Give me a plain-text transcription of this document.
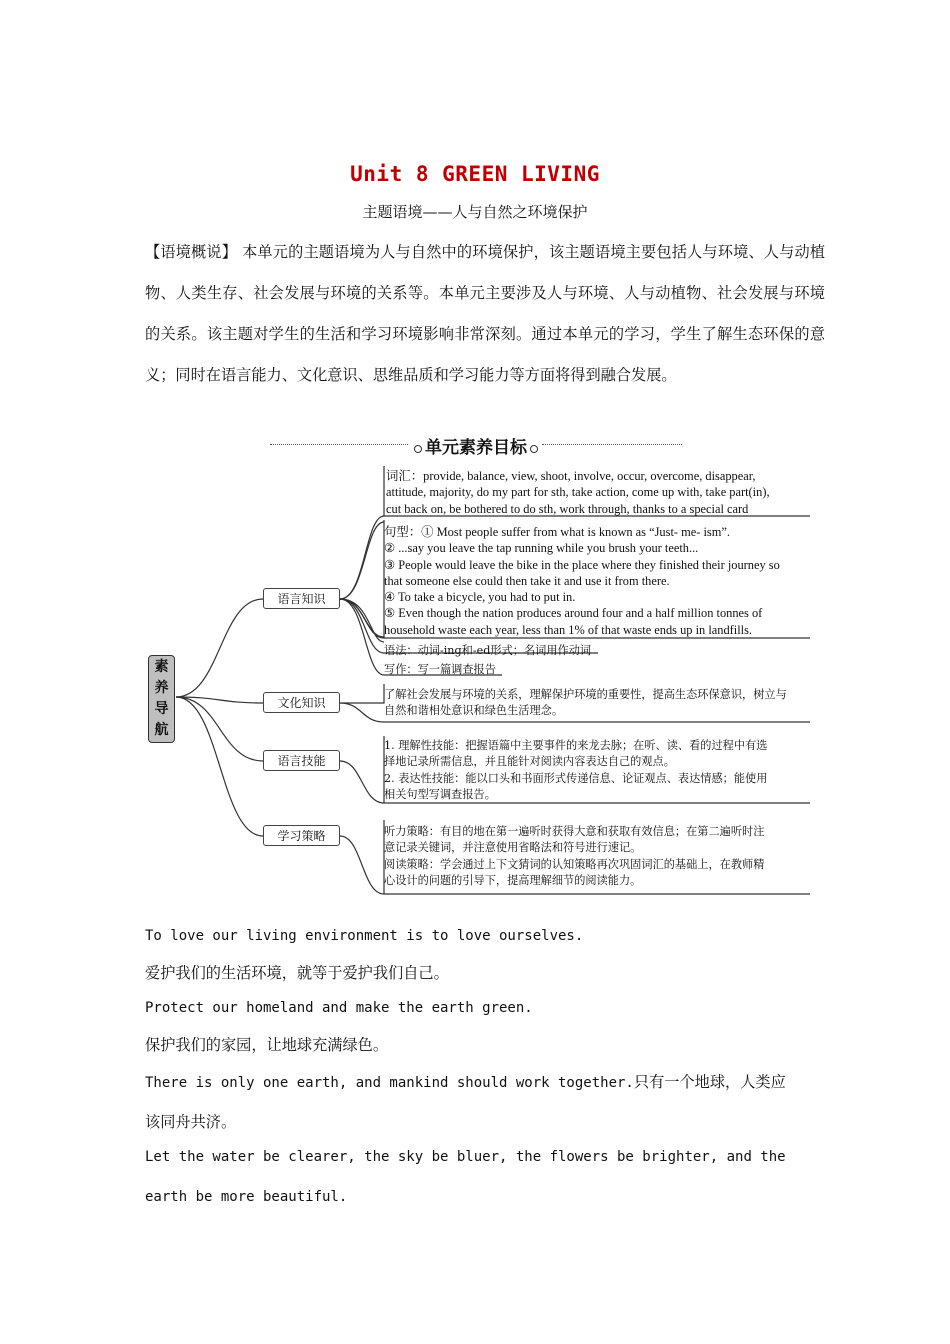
Unit 8 GREEN LIVING
主题语境——人与自然之环境保护
【语境概说】 本单元的主题语境为人与自然中的环境保护，该主题语境主要包括人与环境、人与动植物、人类生存、社会发展与环境的关系等。本单元主要涉及人与环境、人与动植物、社会发展与环境的关系。该主题对学生的生活和学习环境影响非常深刻。通过本单元的学习，学生了解生态环保的意义；同时在语言能力、文化意识、思维品质和学习能力等方面将得到融合发展。
单元素养目标
素养导航
语言知识
文化知识
语言技能
学习策略
词汇：provide, balance, view, shoot, involve, occur, overcome, disappear,
attitude, majority, do my part for sth, take action, come up with, take part(in),
cut back on, be bothered to do sth, work through, thanks to a special card
句型：① Most people suffer from what is known as “Just- me- ism”.
② ...say you leave the tap running while you brush your teeth...
③ People would leave the bike in the place where they finished their journey so
that someone else could then take it and use it from there.
④ To take a bicycle, you had to put in.
⑤ Even though the nation produces around four and a half million tonnes of
household waste each year, less than 1% of that waste ends up in landfills.
语法：动词-ing和-ed形式；名词用作动词
写作：写一篇调查报告
了解社会发展与环境的关系，理解保护环境的重要性，提高生态环保意识，树立与
自然和谐相处意识和绿色生活理念。
1. 理解性技能：把握语篇中主要事件的来龙去脉；在听、读、看的过程中有选
择地记录所需信息，并且能针对阅读内容表达自己的观点。
2. 表达性技能：能以口头和书面形式传递信息、论证观点、表达情感；能使用
相关句型写调查报告。
听力策略：有目的地在第一遍听时获得大意和获取有效信息；在第二遍听时注
意记录关键词，并注意使用省略法和符号进行速记。
阅读策略：学会通过上下文猜词的认知策略再次巩固词汇的基础上，在教师精
心设计的问题的引导下，提高理解细节的阅读能力。
To love our living environment is to love ourselves.
爱护我们的生活环境，就等于爱护我们自己。
Protect our homeland and make the earth green.
保护我们的家园，让地球充满绿色。
There is only one earth, and mankind should work together.只有一个地球，人类应
该同舟共济。
Let the water be clearer, the sky be bluer, the flowers be brighter, and the
earth be more beautiful.
